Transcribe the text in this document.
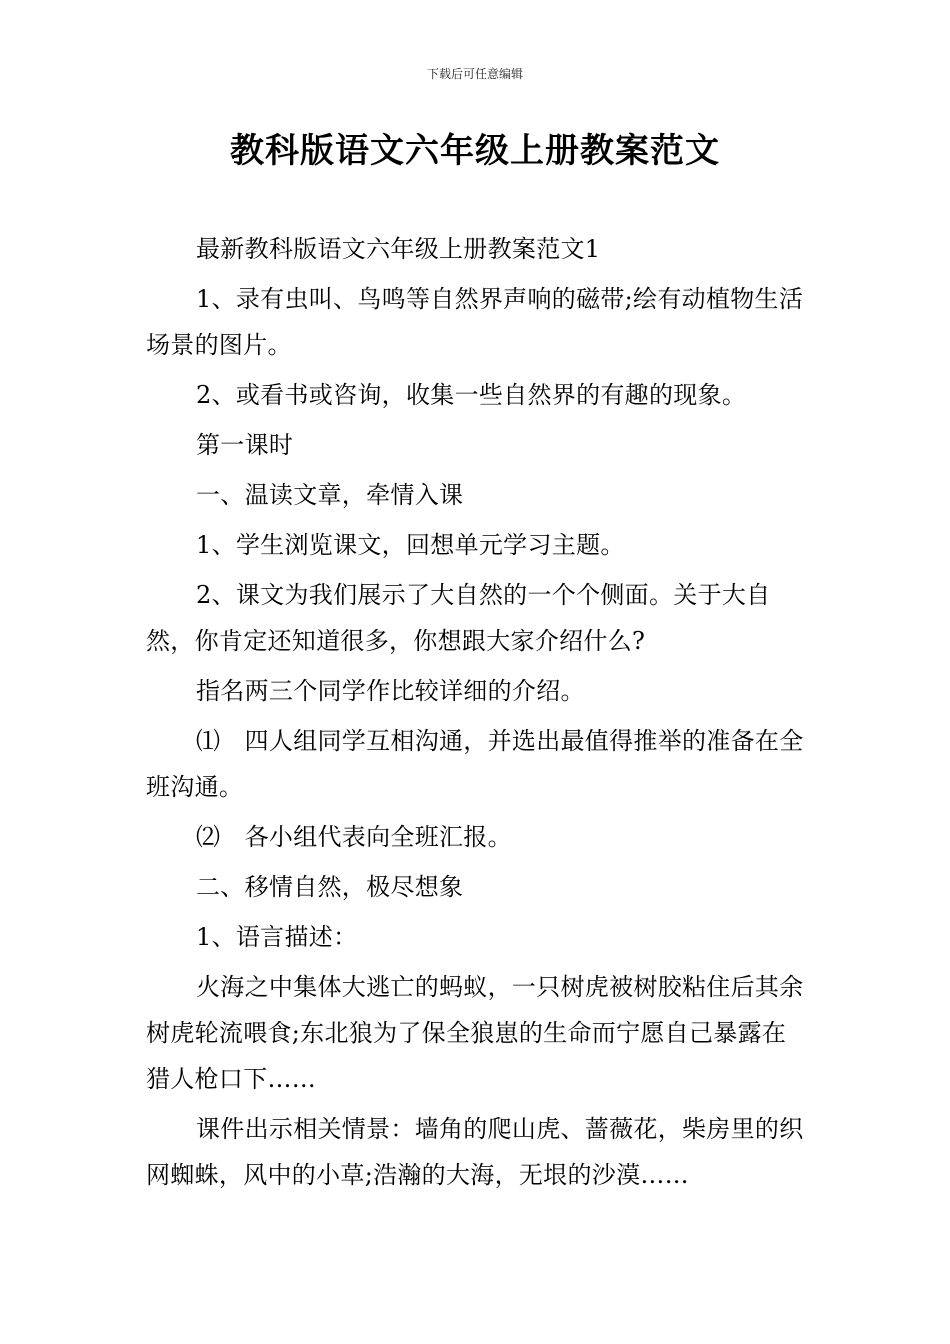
下载后可任意编辑
教科版语文六年级上册教案范文

最新教科版语文六年级上册教案范文1

1、录有虫叫、鸟鸣等自然界声响的磁带;绘有动植物生活场景的图片。

2、或看书或咨询，收集一些自然界的有趣的现象。

第一课时

一、温读文章，牵情入课

1、学生浏览课文，回想单元学习主题。

2、课文为我们展示了大自然的一个个侧面。关于大自然，你肯定还知道很多，你想跟大家介绍什么?

指名两三个同学作比较详细的介绍。

⑴　四人组同学互相沟通，并选出最值得推举的准备在全班沟通。

⑵　各小组代表向全班汇报。

二、移情自然，极尽想象

1、语言描述：

火海之中集体大逃亡的蚂蚁，一只树虎被树胶粘住后其余树虎轮流喂食;东北狼为了保全狼崽的生命而宁愿自己暴露在猎人枪口下……

课件出示相关情景：墙角的爬山虎、蔷薇花，柴房里的织网蜘蛛，风中的小草;浩瀚的大海，无垠的沙漠……
